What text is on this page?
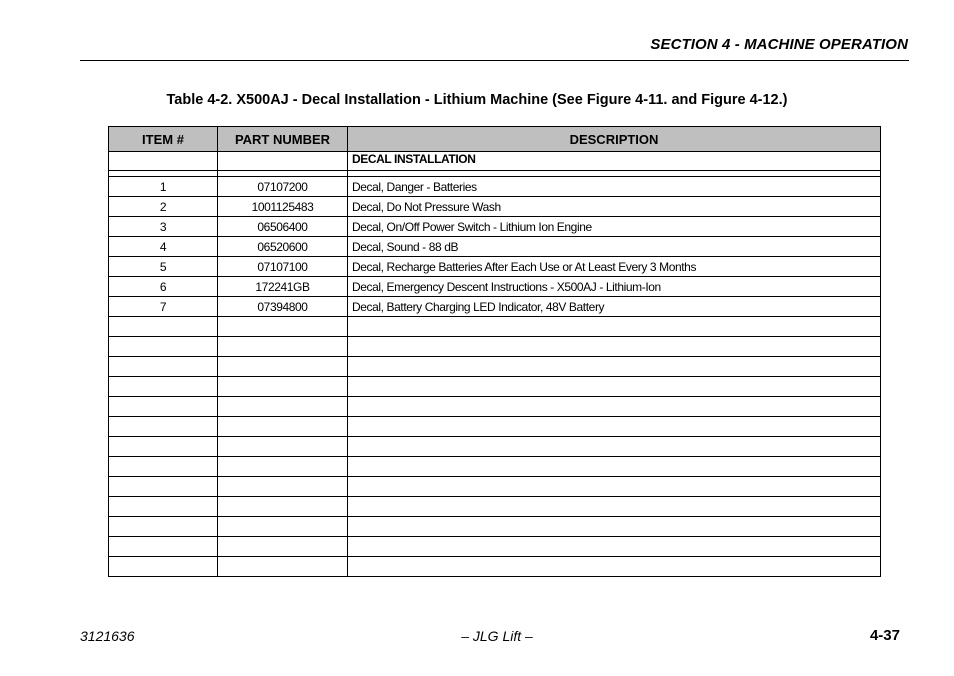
SECTION 4 - MACHINE OPERATION
Table 4-2. X500AJ - Decal Installation - Lithium Machine (See Figure 4-11. and Figure 4-12.)
ITEM #	PART NUMBER	DESCRIPTION
		DECAL INSTALLATION

1	07107200	Decal, Danger - Batteries
2	1001125483	Decal, Do Not Pressure Wash
3	06506400	Decal, On/Off Power Switch - Lithium Ion Engine
4	06520600	Decal, Sound - 88 dB
5	07107100	Decal, Recharge Batteries After Each Use or At Least Every 3 Months
6	172241GB	Decal, Emergency Descent Instructions - X500AJ - Lithium-Ion
7	07394800	Decal, Battery Charging LED Indicator, 48V Battery

3121636	– JLG Lift –	4-37
